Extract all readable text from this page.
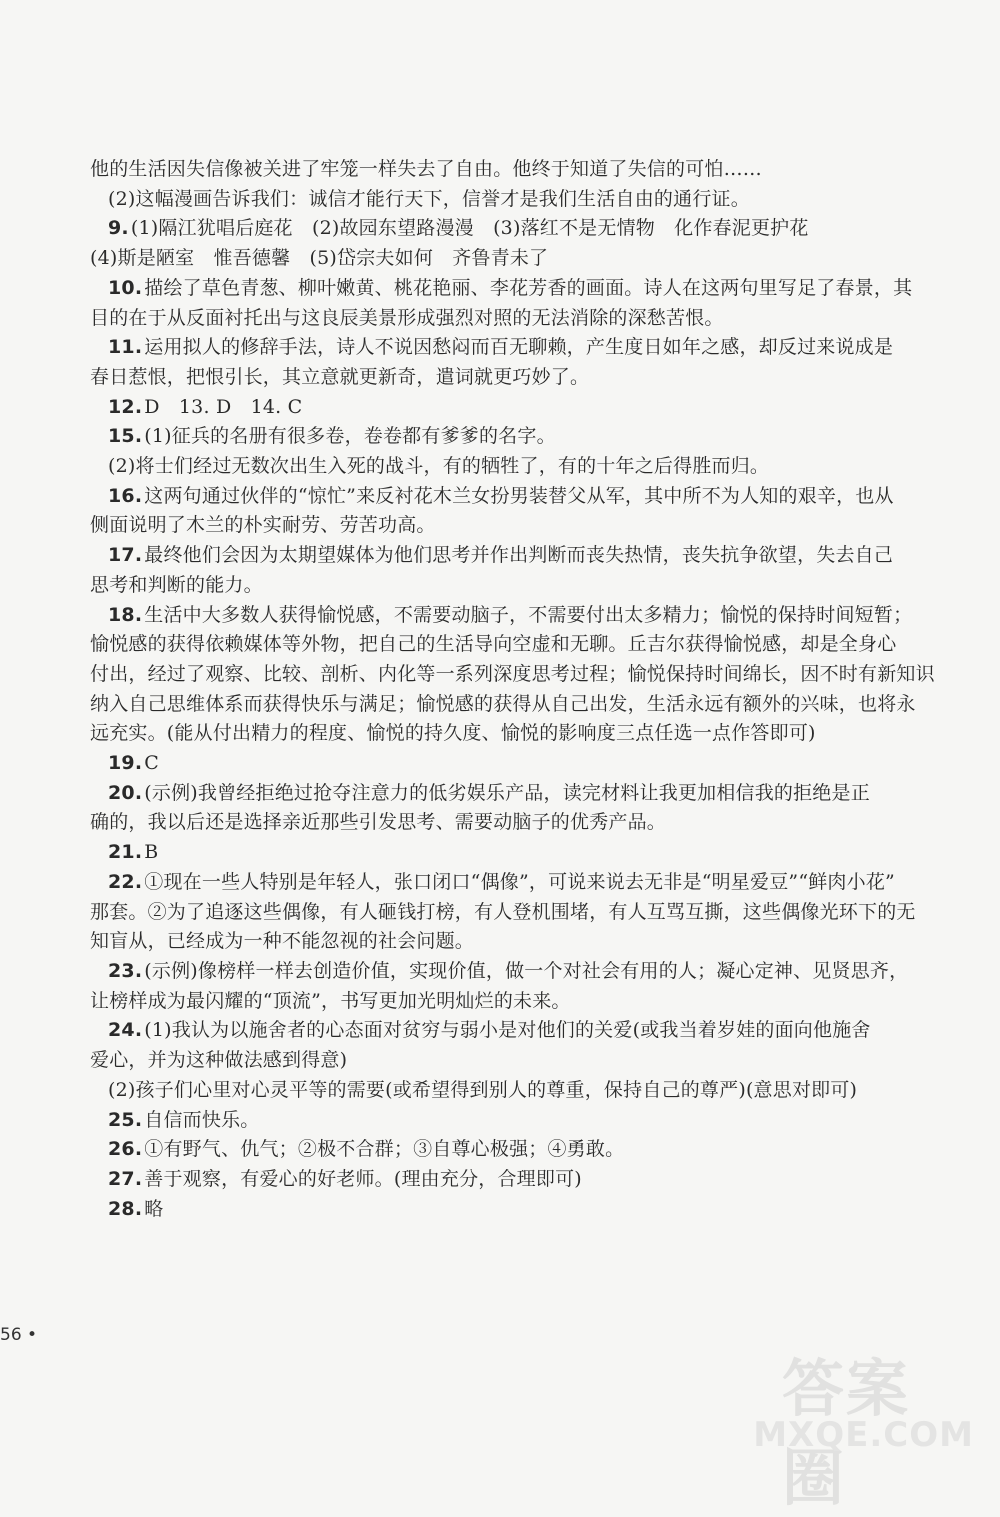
他的生活因失信像被关进了牢笼一样失去了自由。他终于知道了失信的可怕……
(2)这幅漫画告诉我们：诚信才能行天下，信誉才是我们生活自由的通行证。
9. (1)隔江犹唱后庭花　(2)故园东望路漫漫　(3)落红不是无情物　化作春泥更护花
(4)斯是陋室　惟吾德馨　(5)岱宗夫如何　齐鲁青未了
10. 描绘了草色青葱、柳叶嫩黄、桃花艳丽、李花芳香的画面。诗人在这两句里写足了春景，其
目的在于从反面衬托出与这良辰美景形成强烈对照的无法消除的深愁苦恨。
11. 运用拟人的修辞手法，诗人不说因愁闷而百无聊赖，产生度日如年之感，却反过来说成是
春日惹恨，把恨引长，其立意就更新奇，遣词就更巧妙了。
12. D　13. D　14. C
15. (1)征兵的名册有很多卷，卷卷都有爹爹的名字。
(2)将士们经过无数次出生入死的战斗，有的牺牲了，有的十年之后得胜而归。
16. 这两句通过伙伴的“惊忙”来反衬花木兰女扮男装替父从军，其中所不为人知的艰辛，也从
侧面说明了木兰的朴实耐劳、劳苦功高。
17. 最终他们会因为太期望媒体为他们思考并作出判断而丧失热情，丧失抗争欲望，失去自己
思考和判断的能力。
18. 生活中大多数人获得愉悦感，不需要动脑子，不需要付出太多精力；愉悦的保持时间短暂；
愉悦感的获得依赖媒体等外物，把自己的生活导向空虚和无聊。丘吉尔获得愉悦感，却是全身心
付出，经过了观察、比较、剖析、内化等一系列深度思考过程；愉悦保持时间绵长，因不时有新知识
纳入自己思维体系而获得快乐与满足；愉悦感的获得从自己出发，生活永远有额外的兴味，也将永
远充实。(能从付出精力的程度、愉悦的持久度、愉悦的影响度三点任选一点作答即可)
19. C
20. (示例)我曾经拒绝过抢夺注意力的低劣娱乐产品，读完材料让我更加相信我的拒绝是正
确的，我以后还是选择亲近那些引发思考、需要动脑子的优秀产品。
21. B
22. ①现在一些人特别是年轻人，张口闭口“偶像”，可说来说去无非是“明星爱豆”“鲜肉小花”
那套。②为了追逐这些偶像，有人砸钱打榜，有人登机围堵，有人互骂互撕，这些偶像光环下的无
知盲从，已经成为一种不能忽视的社会问题。
23. (示例)像榜样一样去创造价值，实现价值，做一个对社会有用的人；凝心定神、见贤思齐，
让榜样成为最闪耀的“顶流”，书写更加光明灿烂的未来。
24. (1)我认为以施舍者的心态面对贫穷与弱小是对他们的关爱(或我当着岁娃的面向他施舍
爱心，并为这种做法感到得意)
(2)孩子们心里对心灵平等的需要(或希望得到别人的尊重，保持自己的尊严)(意思对即可)
25. 自信而快乐。
26. ①有野气、仇气；②极不合群；③自尊心极强；④勇敢。
27. 善于观察，有爱心的好老师。(理由充分，合理即可)
28. 略
56 •
答案圈
MXQE.COM
